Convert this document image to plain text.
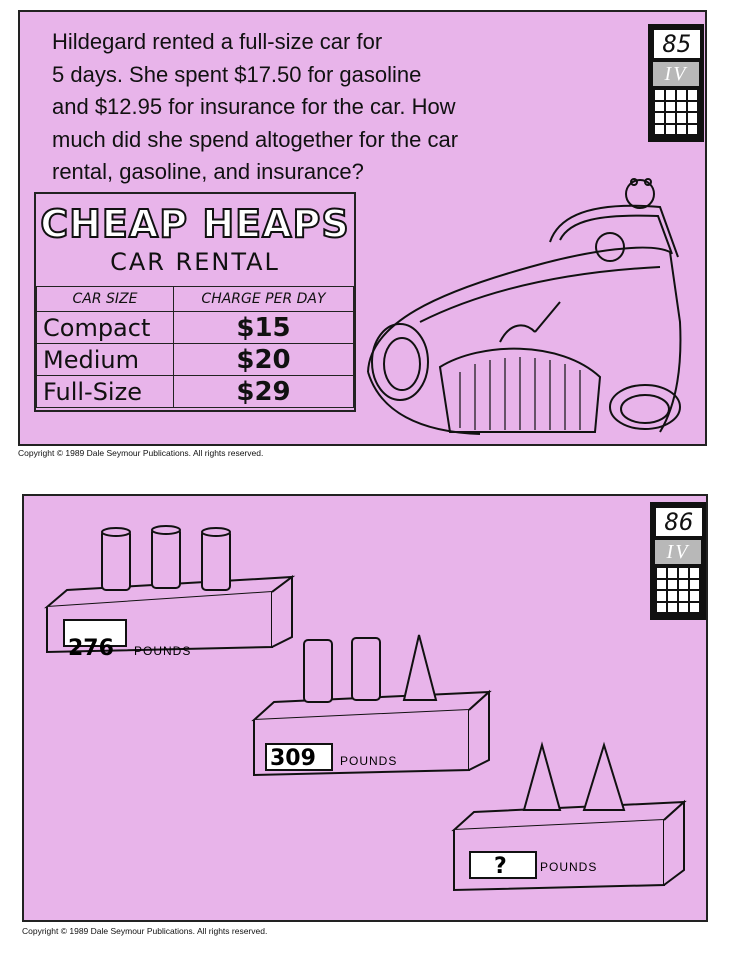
Hildegard rented a full-size car for
5 days. She spent $17.50 for gasoline
and $12.95 for insurance for the car. How
much did she spend altogether for the car
rental, gasoline, and insurance?
85
IV
CHEAP HEAPS
CAR RENTAL
CAR SIZE	CHARGE PER DAY
Compact	$15
Medium	$20
Full-Size	$29
Copyright © 1989 Dale Seymour Publications. All rights reserved.
86
IV
276 POUNDS
309 POUNDS
?	POUNDS
Copyright © 1989 Dale Seymour Publications. All rights reserved.
